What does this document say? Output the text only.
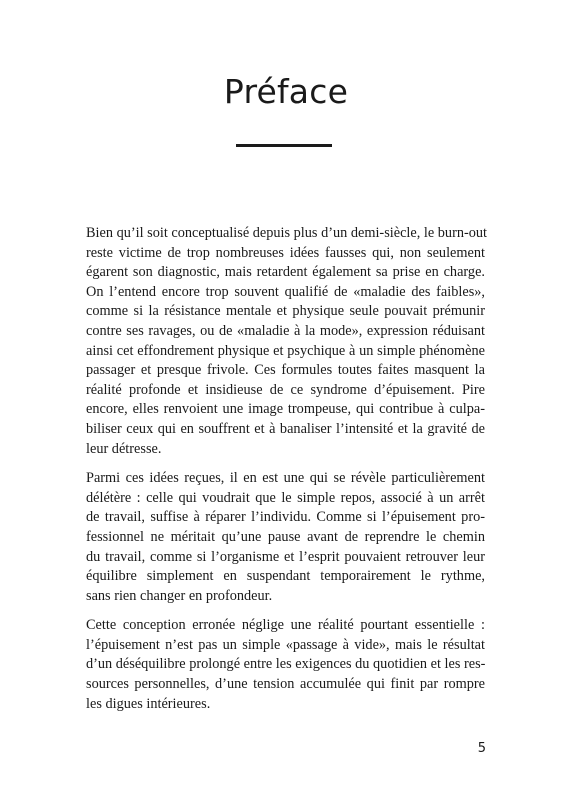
Préface

Bien qu’il soit conceptualisé depuis plus d’un demi-siècle, le burn-out
reste victime de trop nombreuses idées fausses qui, non seulement
égarent son diagnostic, mais retardent également sa prise en charge.
On l’entend encore trop souvent qualifié de «maladie des faibles»,
comme si la résistance mentale et physique seule pouvait prémunir
contre ses ravages, ou de «maladie à la mode», expression réduisant
ainsi cet effondrement physique et psychique à un simple phénomène
passager et presque frivole. Ces formules toutes faites masquent la
réalité profonde et insidieuse de ce syndrome d’épuisement. Pire
encore, elles renvoient une image trompeuse, qui contribue à culpa-
biliser ceux qui en souffrent et à banaliser l’intensité et la gravité de
leur détresse.

Parmi ces idées reçues, il en est une qui se révèle particulièrement
délétère : celle qui voudrait que le simple repos, associé à un arrêt
de travail, suffise à réparer l’individu. Comme si l’épuisement pro-
fessionnel ne méritait qu’une pause avant de reprendre le chemin
du travail, comme si l’organisme et l’esprit pouvaient retrouver leur
équilibre simplement en suspendant temporairement le rythme,
sans rien changer en profondeur.

Cette conception erronée néglige une réalité pourtant essentielle :
l’épuisement n’est pas un simple «passage à vide», mais le résultat
d’un déséquilibre prolongé entre les exigences du quotidien et les res-
sources personnelles, d’une tension accumulée qui finit par rompre
les digues intérieures.

5
